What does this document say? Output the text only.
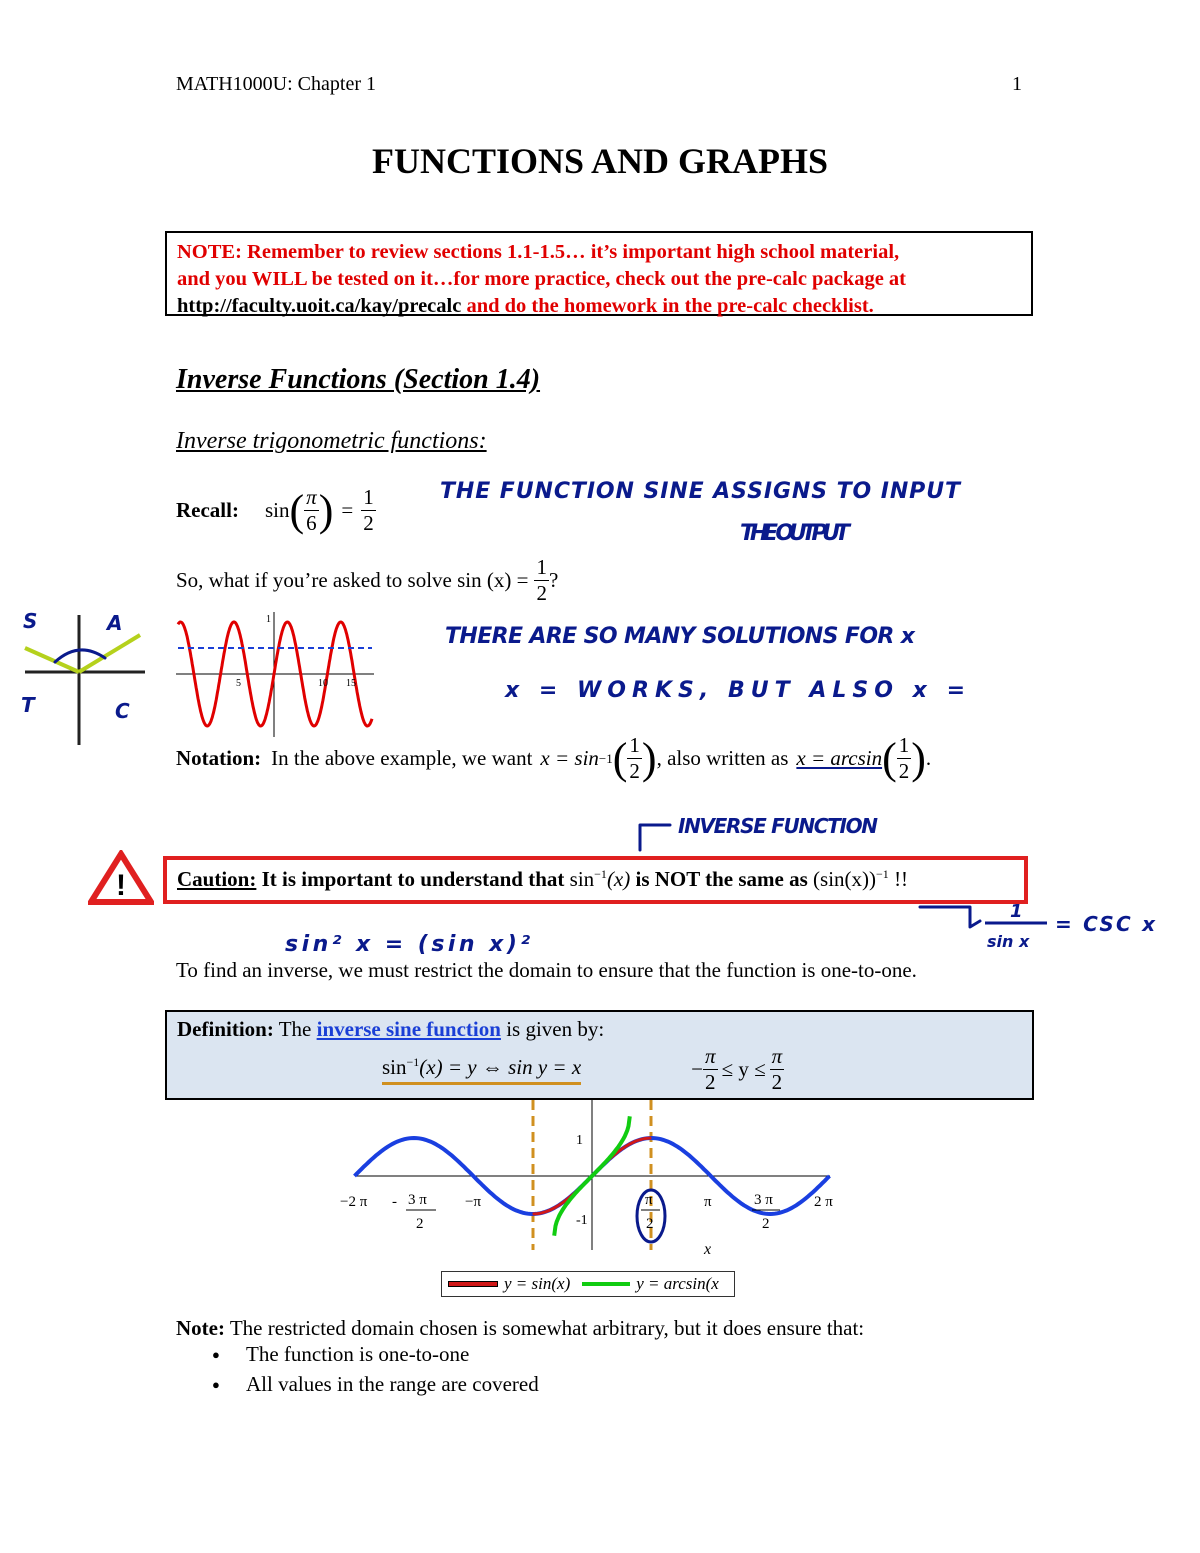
MATH1000U: Chapter 1	1
FUNCTIONS AND GRAPHS
NOTE: Remember to review sections 1.1-1.5… it’s important high school material,
and you WILL be tested on it…for more practice, check out the pre-calc package at
http://faculty.uoit.ca/kay/precalc and do the homework in the pre-calc checklist.
Inverse Functions (Section 1.4)
Inverse trigonometric functions:
Recall: sin ( $\frac{\pi}{6}$ ) = $\frac{1}{2}$
So, what if you’re asked to solve $\sin (x) = \frac{1}{2}$ ?
1
5	10 15
S	A
T	C
THE FUNCTION SINE ASSIGNS TO INPUT
THE OUTPUT
THERE ARE SO MANY SOLUTIONS FOR x
x = WORKS, BUT ALSO x =
Notation: In the above example, we want x = sin −1 ( $\frac{1}{2}$ ) , also written as x = arcsin ( $\frac{1}{2}$ ) .
INVERSE FUNCTION
!	Caution: It is important to understand that $\sin^{-1}(x)$ is NOT the same as $(\sin(x))^{-1}$ !!
1
sin x
= CSC x
sin² x = (sin x)²
To find an inverse, we must restrict the domain to ensure that the function is one-to-one.
Definition: The inverse sine function is given by:
$\sin^{-1}(x) = y$ ⇔ sin y = x	− $\frac{\pi}{2} \le y \le \frac{\pi}{2}$
1
-1
−2 π - 3 π
2
−π	π
2
π	3 π
2
2 π
x
y = sin(x)	y = arcsin(x
Note: The restricted domain chosen is somewhat arbitrary, but it does ensure that:
● The function is one-to-one
● All values in the range are covered
